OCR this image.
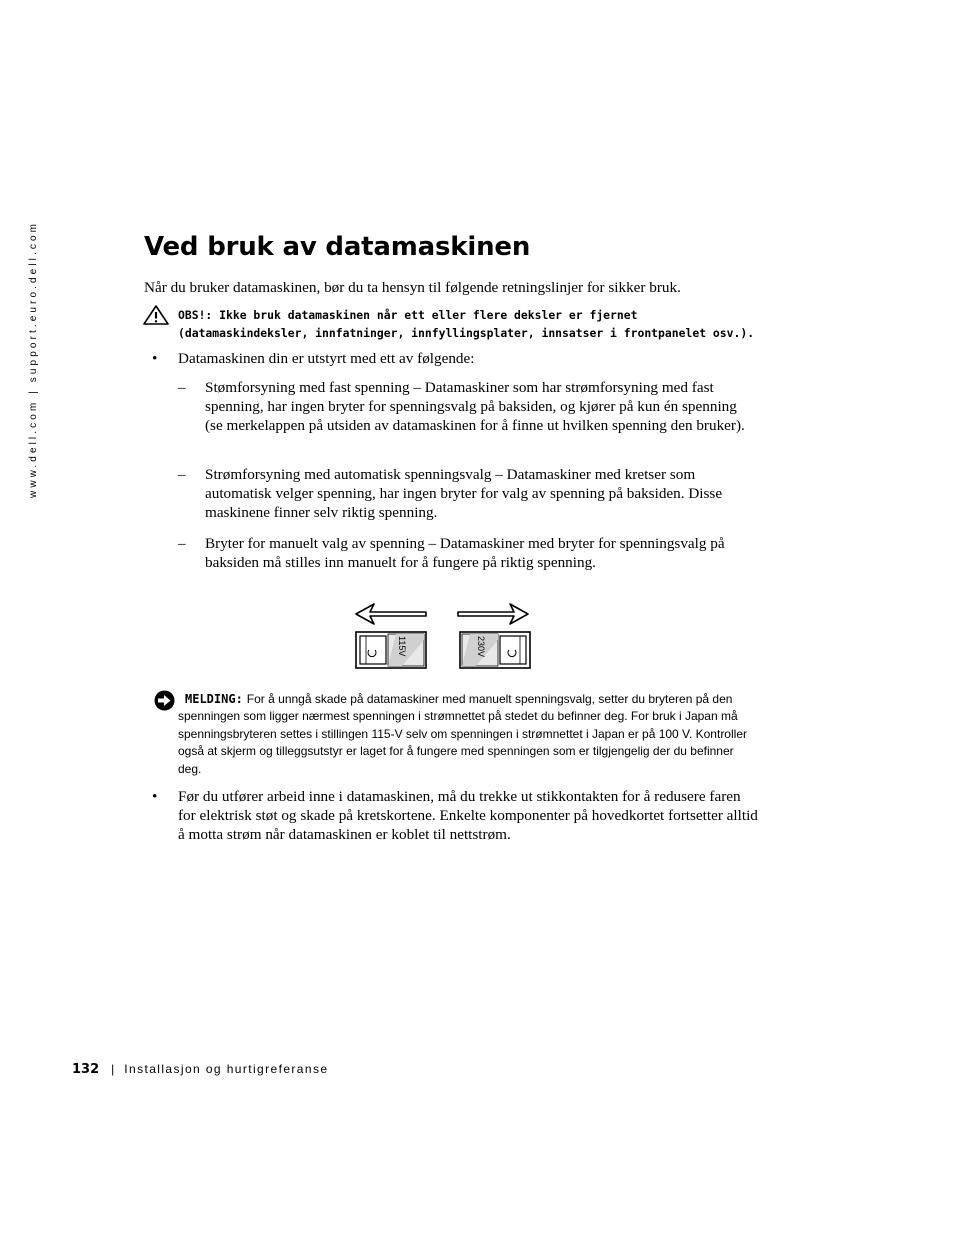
www.dell.com | support.euro.dell.com	Ved bruk av datamaskinen

Når du bruker datamaskinen, bør du ta hensyn til følgende retningslinjer for sikker bruk.

OBS!: Ikke bruk datamaskinen når ett eller flere deksler er fjernet
(datamaskindeksler, innfatninger, innfyllingsplater, innsatser i frontpanelet osv.).

• Datamaskinen din er utstyrt med ett av følgende:

– Stømforsyning med fast spenning – Datamaskiner som har strømforsyning med fast spenning, har ingen bryter for spenningsvalg på baksiden, og kjører på kun én spenning (se merkelappen på utsiden av datamaskinen for å finne ut hvilken spenning den bruker).

– Strømforsyning med automatisk spenningsvalg – Datamaskiner med kretser som automatisk velger spenning, har ingen bryter for valg av spenning på baksiden. Disse maskinene finner selv riktig spenning.

– Bryter for manuelt valg av spenning – Datamaskiner med bryter for spenningsvalg på baksiden må stilles inn manuelt for å fungere på riktig spenning.

115V	230V

MELDING: For å unngå skade på datamaskiner med manuelt spenningsvalg, setter du bryteren på den spenningen som ligger nærmest spenningen i strømnettet på stedet du befinner deg. For bruk i Japan må spenningsbryteren settes i stillingen 115-V selv om spenningen i strømnettet i Japan er på 100 V. Kontroller også at skjerm og tilleggsutstyr er laget for å fungere med spenningen som er tilgjengelig der du befinner deg.

• Før du utfører arbeid inne i datamaskinen, må du trekke ut stikkontakten for å redusere faren for elektrisk støt og skade på kretskortene. Enkelte komponenter på hovedkortet fortsetter alltid å motta strøm når datamaskinen er koblet til nettstrøm.

132 | Installasjon og hurtigreferanse
